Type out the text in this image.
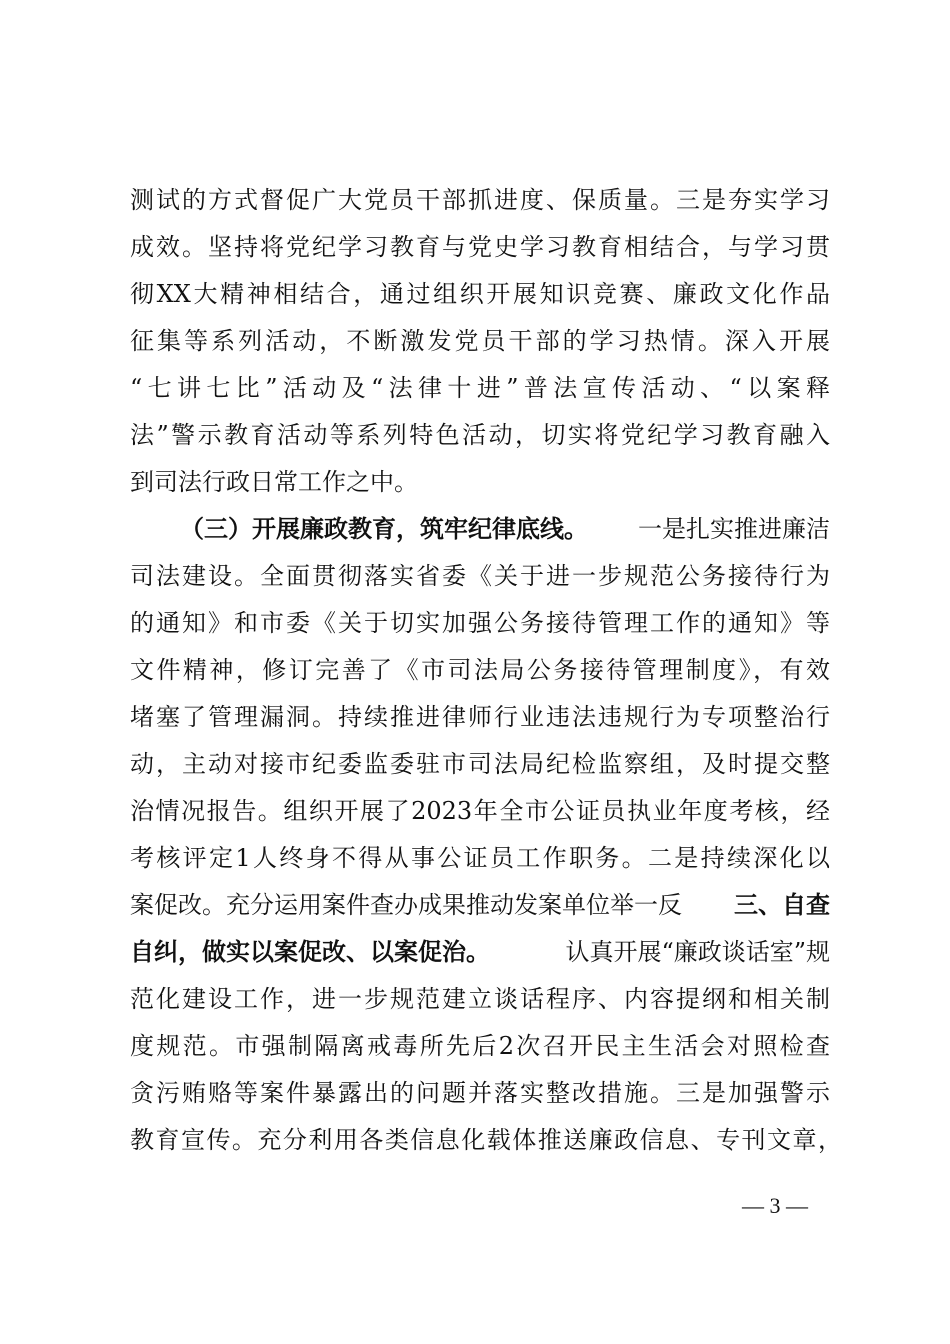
测试的方式督促广大党员干部抓进度、保质量。三是夯实学习
成效。坚持将党纪学习教育与党史学习教育相结合，与学习贯
彻XX大精神相结合，通过组织开展知识竞赛、廉政文化作品
征集等系列活动，不断激发党员干部的学习热情。深入开展
“七讲七比”活动及“法律十进”普法宣传活动、“以案释
法”警示教育活动等系列特色活动，切实将党纪学习教育融入
到司法行政日常工作之中。
（三）开展廉政教育，筑牢纪律底线。 一是扎实推进廉洁
司法建设。全面贯彻落实省委《关于进一步规范公务接待行为
的通知》和市委《关于切实加强公务接待管理工作的通知》等
文件精神，修订完善了《市司法局公务接待管理制度》，有效
堵塞了管理漏洞。持续推进律师行业违法违规行为专项整治行
动，主动对接市纪委监委驻市司法局纪检监察组，及时提交整
治情况报告。组织开展了2023年全市公证员执业年度考核，经
考核评定1人终身不得从事公证员工作职务。二是持续深化以
案促改。充分运用案件查办成果推动发案单位举一反 三、自查
自纠，做实以案促改、以案促治。	认真开展“廉政谈话室”规
范化建设工作，进一步规范建立谈话程序、内容提纲和相关制
度规范。市强制隔离戒毒所先后2次召开民主生活会对照检查
贪污贿赂等案件暴露出的问题并落实整改措施。三是加强警示
教育宣传。充分利用各类信息化载体推送廉政信息、专刊文章，
— 3 —
